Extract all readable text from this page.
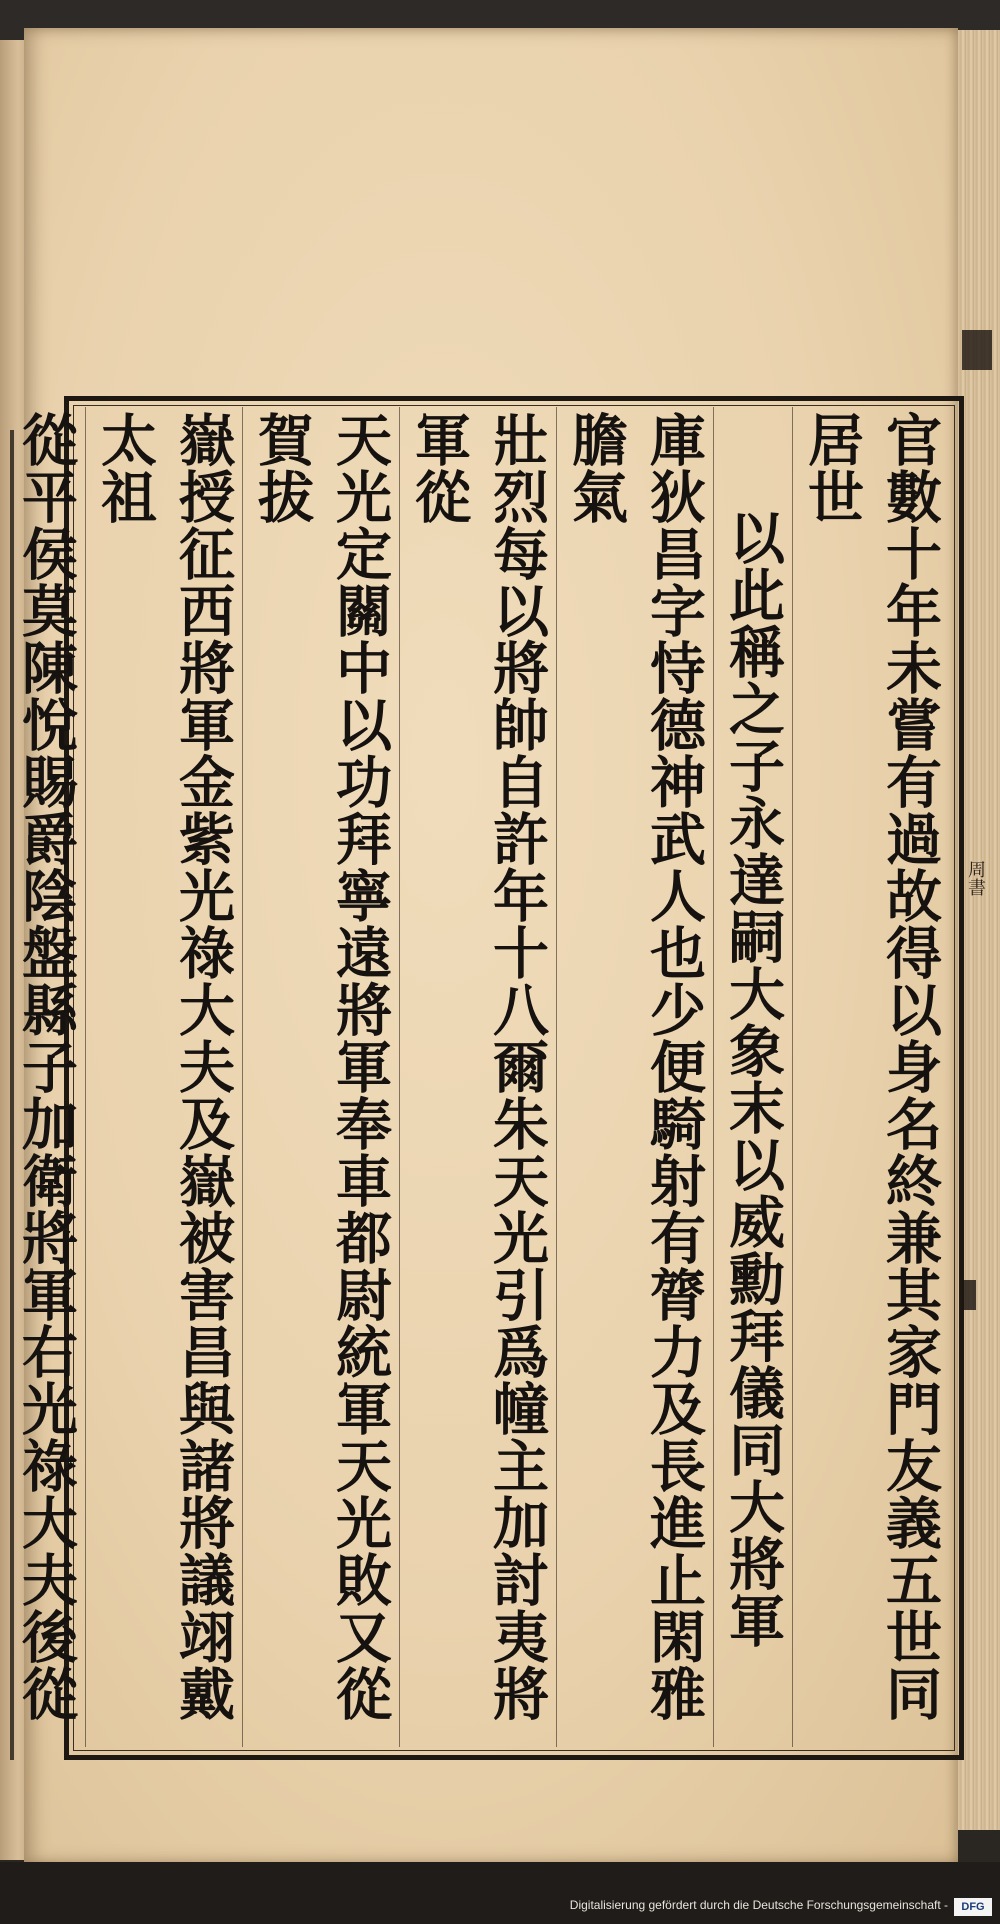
官數十年未嘗有過故得以身名終兼其家門友義五世同居世
以此稱之子永達嗣大象末以威勳拜儀同大將軍
庫狄昌字恃德神武人也少便騎射有膂力及長進止閑雅膽氣
壯烈每以將帥自許年十八爾朱天光引爲幢主加討夷將軍從
天光定關中以功拜寧遠將軍奉車都尉統軍天光敗又從賀拔
嶽授征西將軍金紫光祿大夫及嶽被害昌與諸將議翊戴太祖
從平侯莫陳悅賜爵陰盤縣子加衛將軍右光祿大夫後從
周書
Digitalisierung gefördert durch die Deutsche Forschungsgemeinschaft -	DFG
